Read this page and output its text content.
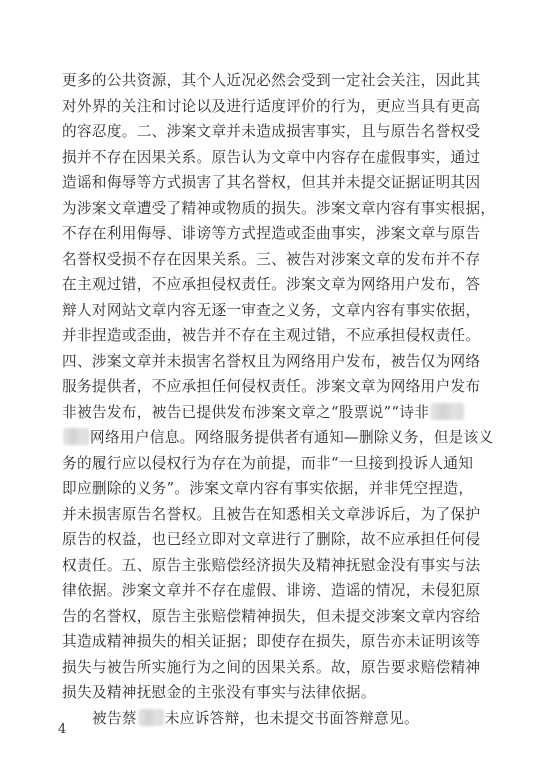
更多的公共资源，其个人近况必然会受到一定社会关注，因此其
对外界的关注和讨论以及进行适度评价的行为，更应当具有更高
的容忍度。二、涉案文章并未造成损害事实，且与原告名誉权受
损并不存在因果关系。原告认为文章中内容存在虚假事实，通过
造谣和侮辱等方式损害了其名誉权，但其并未提交证据证明其因
为涉案文章遭受了精神或物质的损失。涉案文章内容有事实根据，
不存在利用侮辱、诽谤等方式捏造或歪曲事实，涉案文章与原告
名誉权受损不存在因果关系。三、被告对涉案文章的发布并不存
在主观过错，不应承担侵权责任。涉案文章为网络用户发布，答
辩人对网站文章内容无逐一审查之义务，文章内容有事实依据，
并非捏造或歪曲，被告并不存在主观过错，不应承担侵权责任。
四、涉案文章并未损害名誉权且为网络用户发布，被告仅为网络
服务提供者，不应承担任何侵权责任。涉案文章为网络用户发布
非被告发布，被告已提供发布涉案文章之“股票说”“诗非
网络用户信息。网络服务提供者有通知—删除义务，但是该义
务的履行应以侵权行为存在为前提，而非“一旦接到投诉人通知
即应删除的义务”。涉案文章内容有事实依据，并非凭空捏造，
并未损害原告名誉权。且被告在知悉相关文章涉诉后，为了保护
原告的权益，也已经立即对文章进行了删除，故不应承担任何侵
权责任。五、原告主张赔偿经济损失及精神抚慰金没有事实与法
律依据。涉案文章并不存在虚假、诽谤、造谣的情况，未侵犯原
告的名誉权，原告主张赔偿精神损失，但未提交涉案文章内容给
其造成精神损失的相关证据；即使存在损失，原告亦未证明该等
损失与被告所实施行为之间的因果关系。故，原告要求赔偿精神
损失及精神抚慰金的主张没有事实与法律依据。
被告蔡 未应诉答辩，也未提交书面答辩意见。
4
